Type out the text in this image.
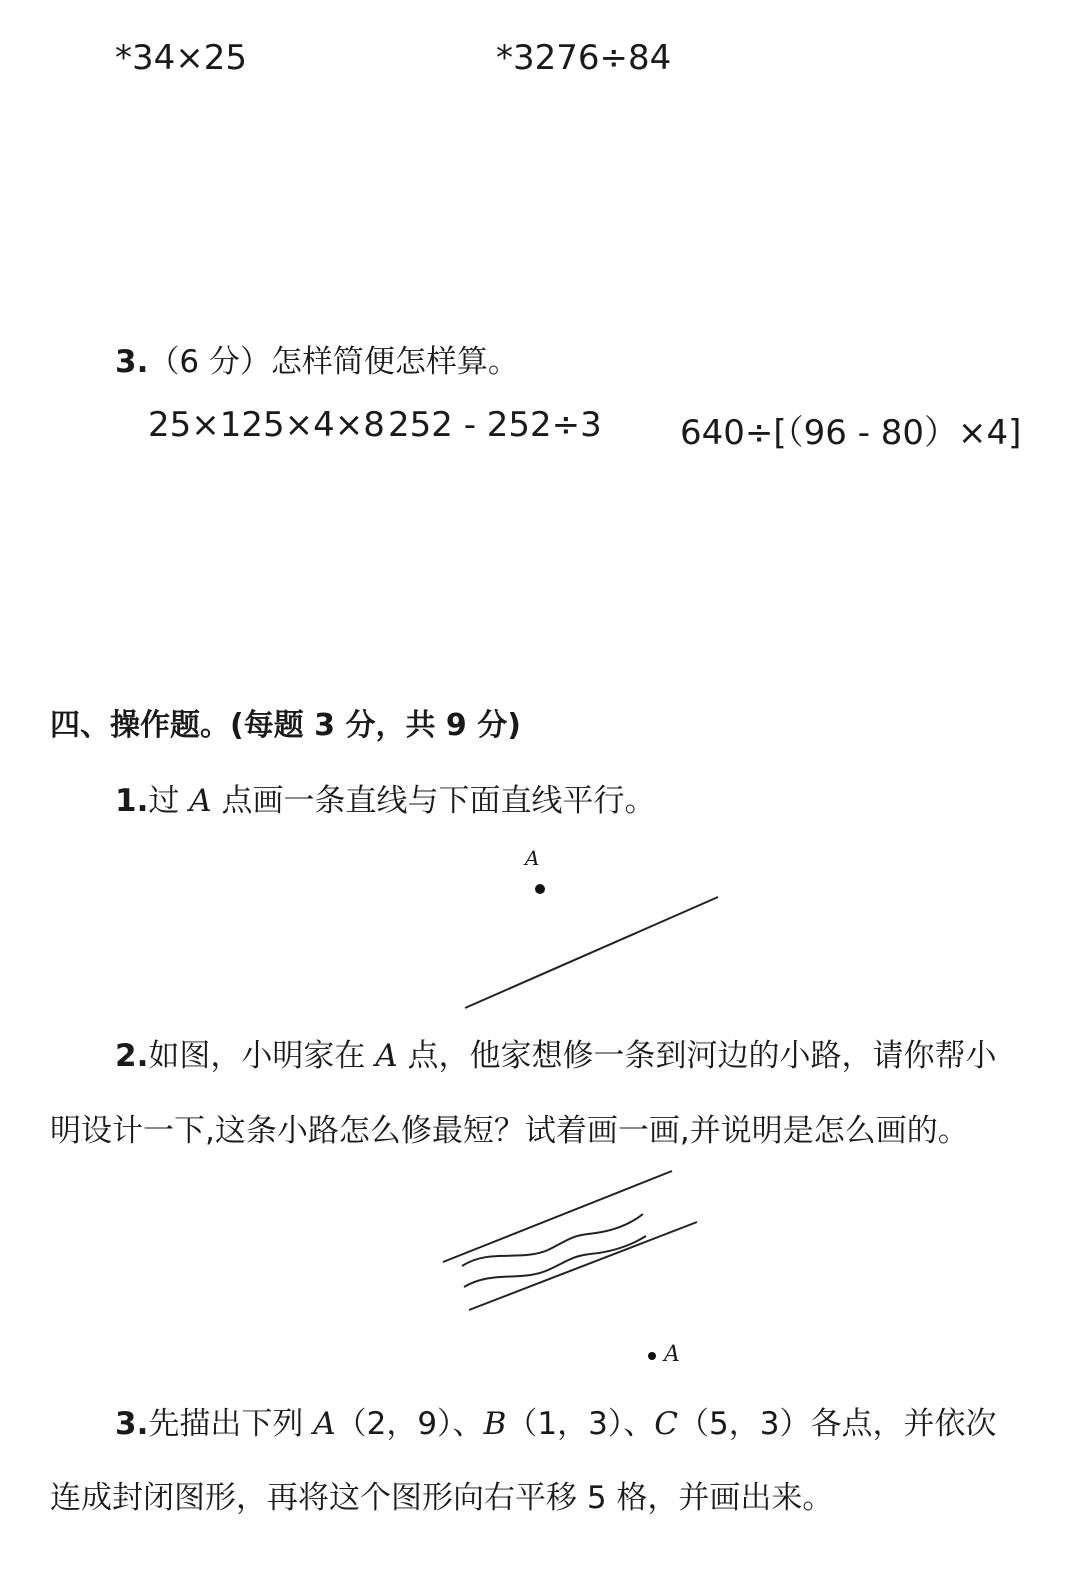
*34×25	*3276÷84
3.（6 分）怎样简便怎样算。
25×125×4×8 252 - 252÷3 640÷[（96 - 80）×4]
四、操作题。(每题 3 分，共 9 分)
1.过 A 点画一条直线与下面直线平行。
A
2.如图，小明家在 A 点，他家想修一条到河边的小路，请你帮小
明设计一下,这条小路怎么修最短？试着画一画,并说明是怎么画的。
A
3.先描出下列 A（2，9）、B（1，3）、C（5，3）各点，并依次
连成封闭图形，再将这个图形向右平移 5 格，并画出来。
